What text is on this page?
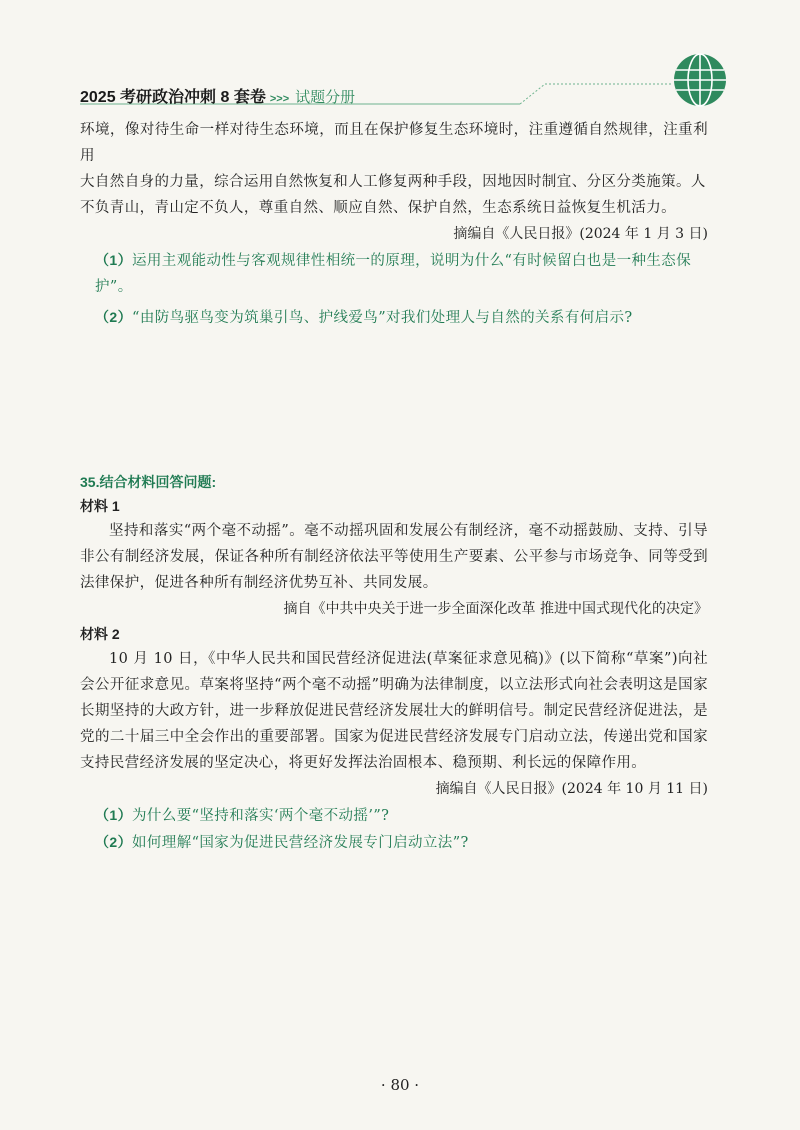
2025 考研政治冲刺 8 套卷 >>> 试题分册

环境，像对待生命一样对待生态环境，而且在保护修复生态环境时，注重遵循自然规律，注重利用

大自然自身的力量，综合运用自然恢复和人工修复两种手段，因地因时制宜、分区分类施策。人

不负青山，青山定不负人，尊重自然、顺应自然、保护自然，生态系统日益恢复生机活力。

摘编自《人民日报》(2024 年 1 月 3 日)

（1）运用主观能动性与客观规律性相统一的原理，说明为什么“有时候留白也是一种生态保护”。

（2）“由防鸟驱鸟变为筑巢引鸟、护线爱鸟”对我们处理人与自然的关系有何启示?

35.结合材料回答问题:

材料 1

坚持和落实“两个毫不动摇”。毫不动摇巩固和发展公有制经济，毫不动摇鼓励、支持、引导非公有制经济发展，保证各种所有制经济依法平等使用生产要素、公平参与市场竞争、同等受到法律保护，促进各种所有制经济优势互补、共同发展。

摘自《中共中央关于进一步全面深化改革 推进中国式现代化的决定》

材料 2

10 月 10 日，《中华人民共和国民营经济促进法(草案征求意见稿)》(以下简称“草案”)向社会公开征求意见。草案将坚持“两个毫不动摇”明确为法律制度，以立法形式向社会表明这是国家长期坚持的大政方针，进一步释放促进民营经济发展壮大的鲜明信号。制定民营经济促进法，是党的二十届三中全会作出的重要部署。国家为促进民营经济发展专门启动立法，传递出党和国家支持民营经济发展的坚定决心，将更好发挥法治固根本、稳预期、利长远的保障作用。

摘编自《人民日报》(2024 年 10 月 11 日)

（1）为什么要“坚持和落实‘两个毫不动摇’”?

（2）如何理解“国家为促进民营经济发展专门启动立法”?

· 80 ·
